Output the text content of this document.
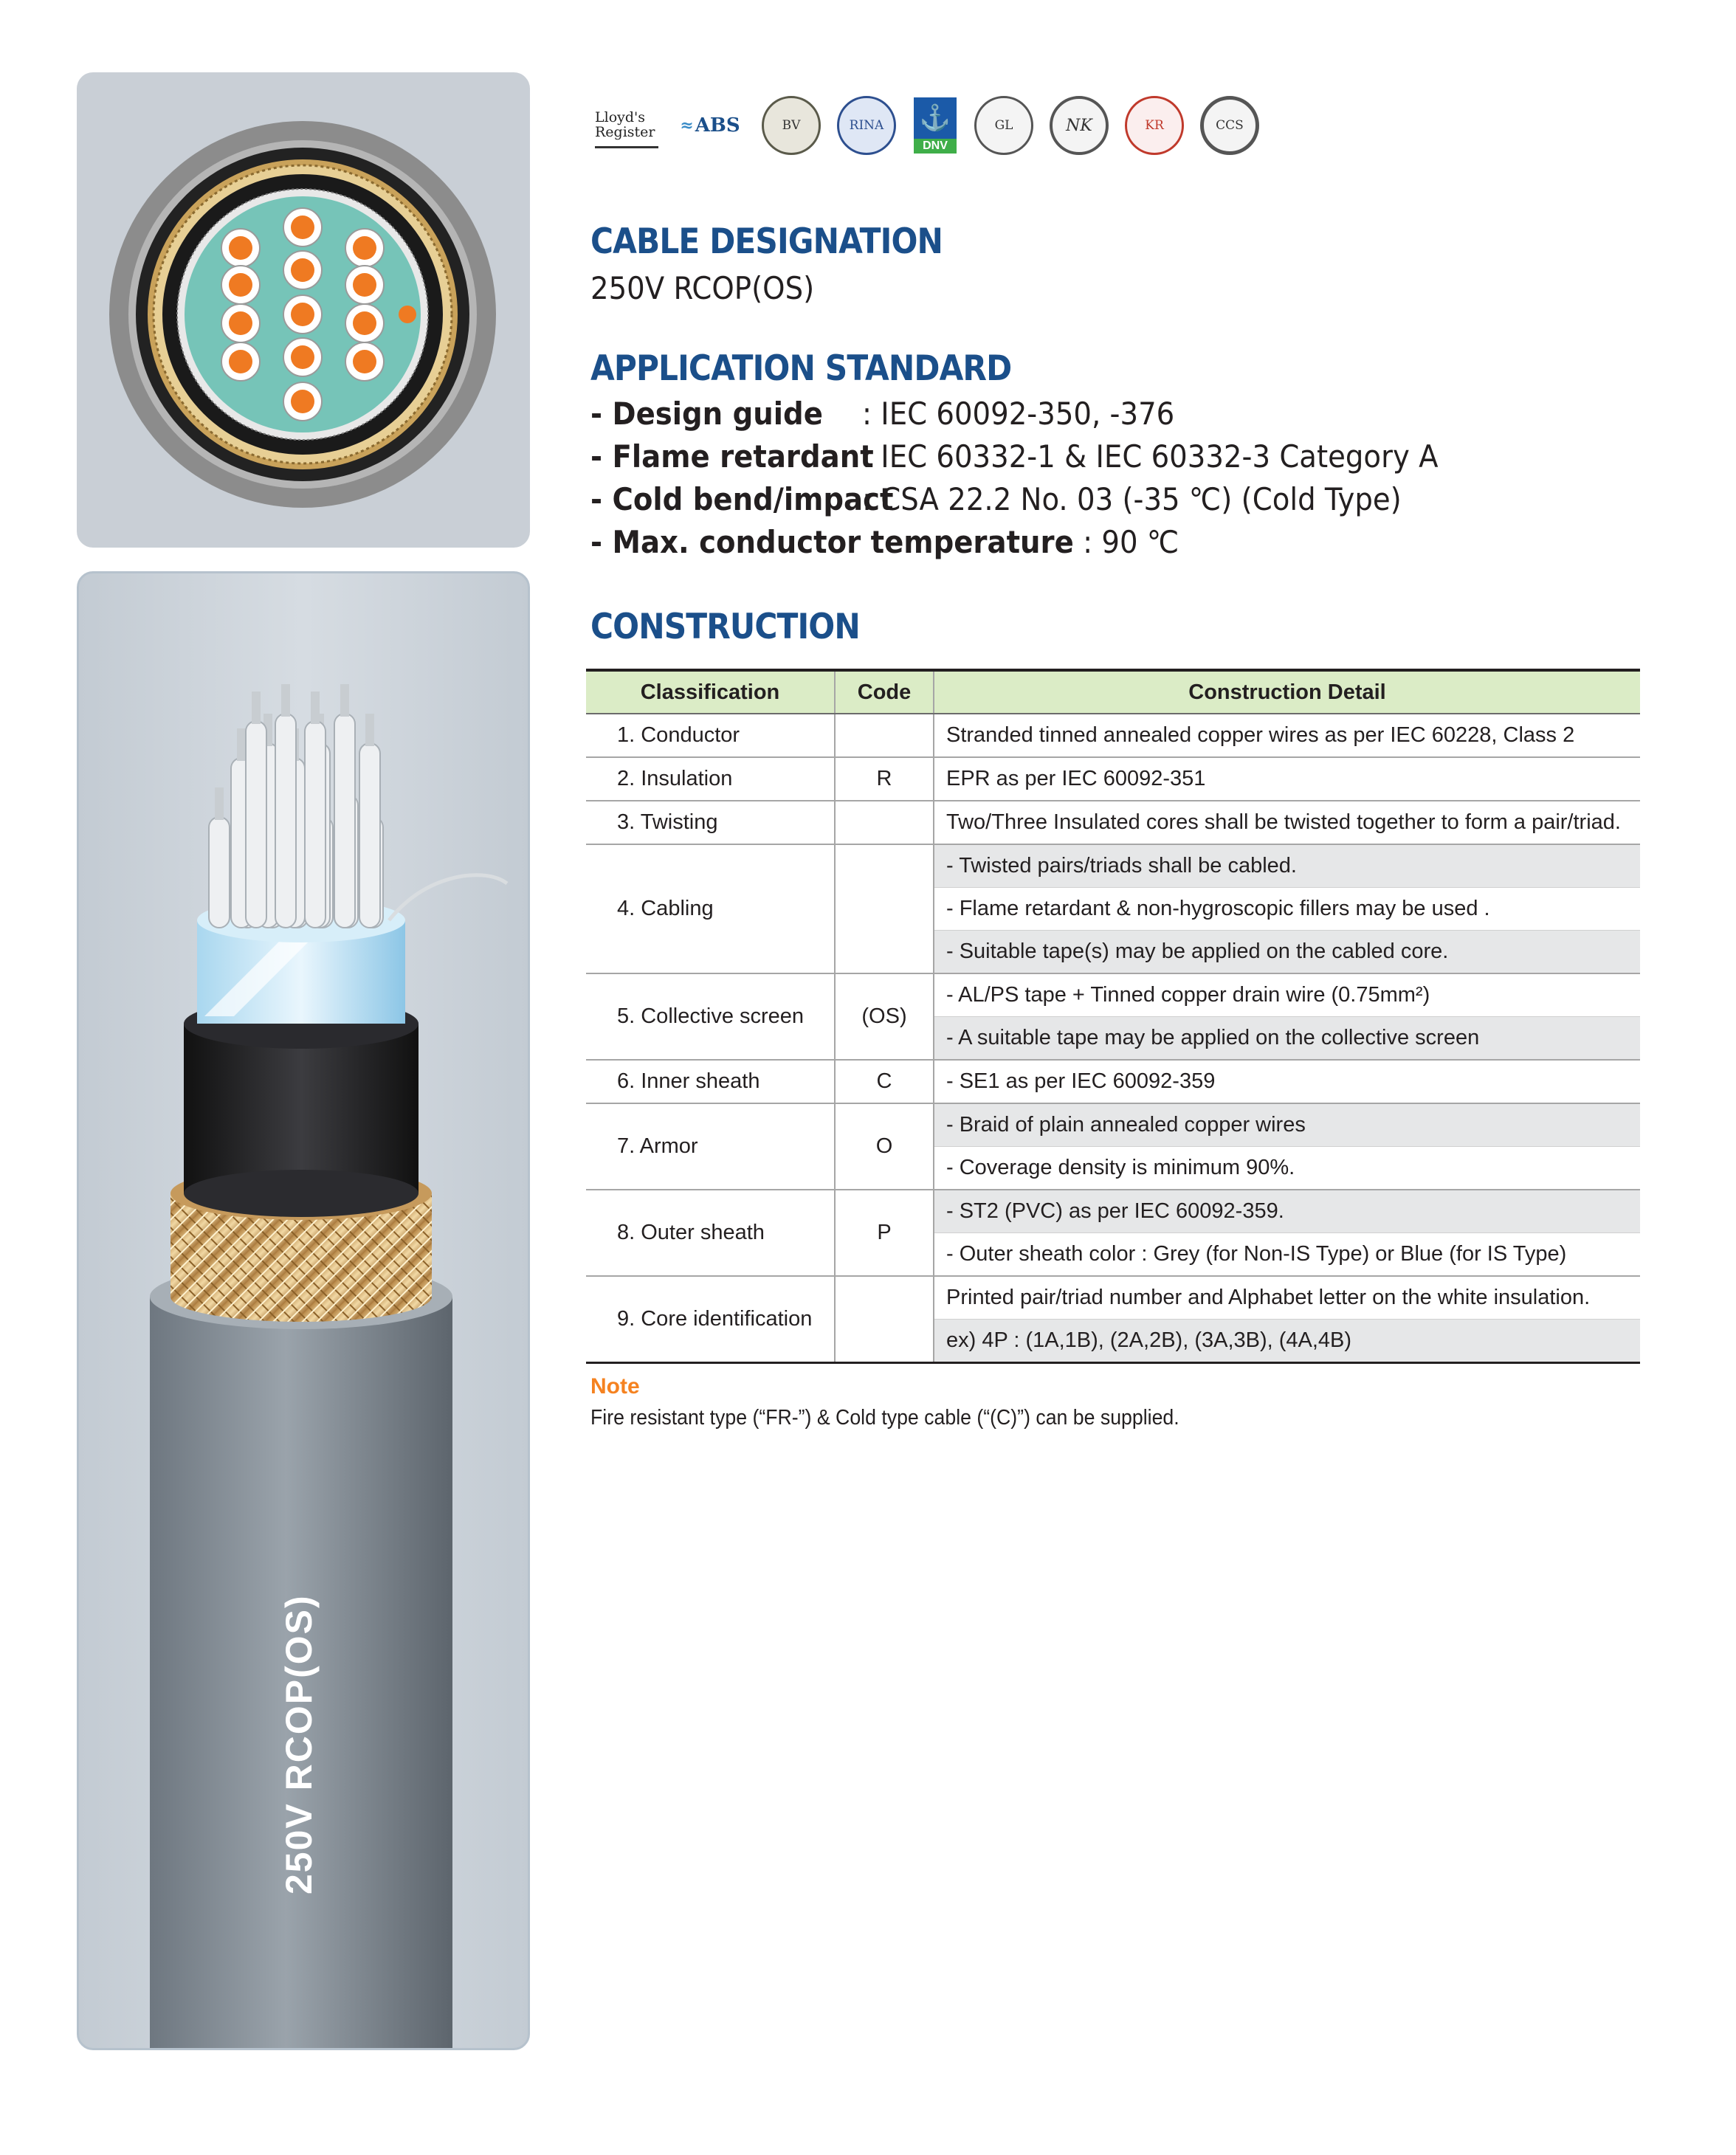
250V RCOP(OS)
Lloyd's Register ≈ ABS	BV	RINA ⚓
DNV
GL	NK	KR	CCS
CABLE DESIGNATION
250V RCOP(OS)
APPLICATION STANDARD
- Design guide : IEC 60092-350, -376
- Flame retardant: IEC 60332-1 & IEC 60332-3 Category A
- Cold bend/impact: CSA 22.2 No. 03 (-35 ℃) (Cold Type)
- Max. conductor temperature : 90 ℃
CONSTRUCTION
Classification	Code	Construction Detail
1. Conductor		Stranded tinned annealed copper wires as per IEC 60228, Class 2
2. Insulation	R	EPR as per IEC 60092-351
3. Twisting		Two/Three Insulated cores shall be twisted together to form a pair/triad.
4. Cabling		- Twisted pairs/triads shall be cabled.
		- Flame retardant & non-hygroscopic fillers may be used .
		- Suitable tape(s) may be applied on the cabled core.
5. Collective screen	(OS)	- AL/PS tape + Tinned copper drain wire (0.75mm²)
		- A suitable tape may be applied on the collective screen
6. Inner sheath	C	- SE1 as per IEC 60092-359
7. Armor	O	- Braid of plain annealed copper wires
		- Coverage density is minimum 90%.
8. Outer sheath	P	- ST2 (PVC) as per IEC 60092-359.
		- Outer sheath color : Grey (for Non-IS Type) or Blue (for IS Type)
9. Core identification		Printed pair/triad number and Alphabet letter on the white insulation.
		ex) 4P : (1A,1B), (2A,2B), (3A,3B), (4A,4B)
Note
Fire resistant type (“FR-”) & Cold type cable (“(C)”) can be supplied.
